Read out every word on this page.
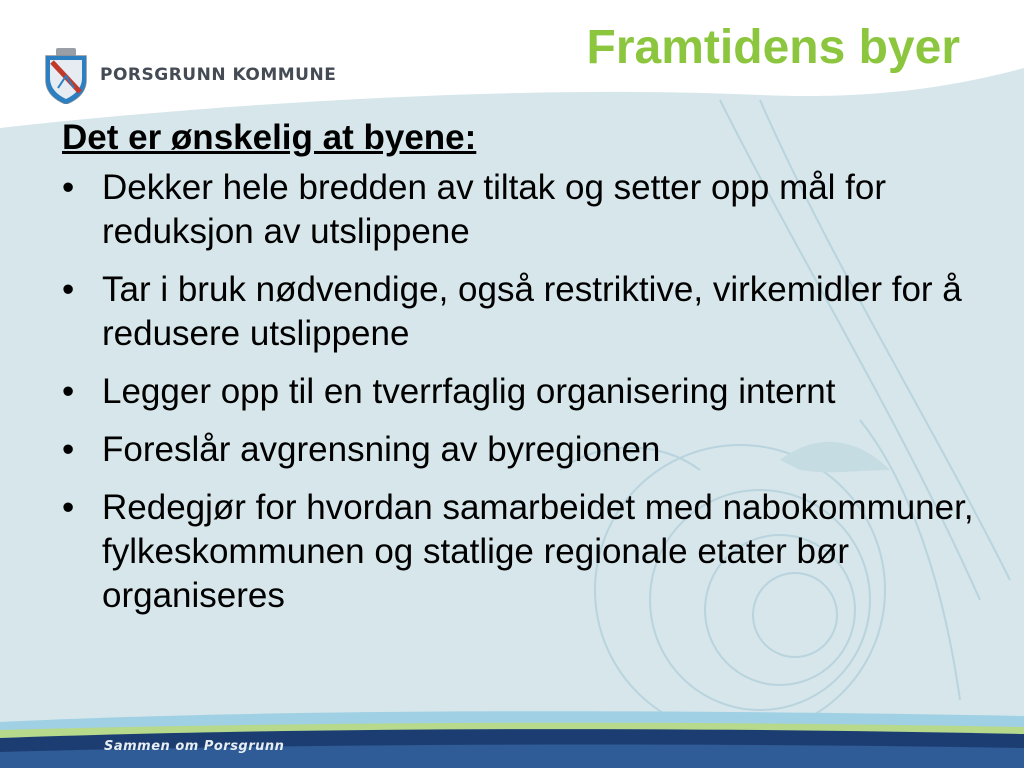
PORSGRUNN KOMMUNE
Framtidens byer

Det er ønskelig at byene:

• Dekker hele bredden av tiltak og setter opp mål for reduksjon av utslippene
• Tar i bruk nødvendige, også restriktive, virkemidler for å redusere utslippene
• Legger opp til en tverrfaglig organisering internt
• Foreslår avgrensning av byregionen
• Redegjør for hvordan samarbeidet med nabokommuner, fylkeskommunen og statlige regionale etater bør organiseres
Sammen om Porsgrunn
